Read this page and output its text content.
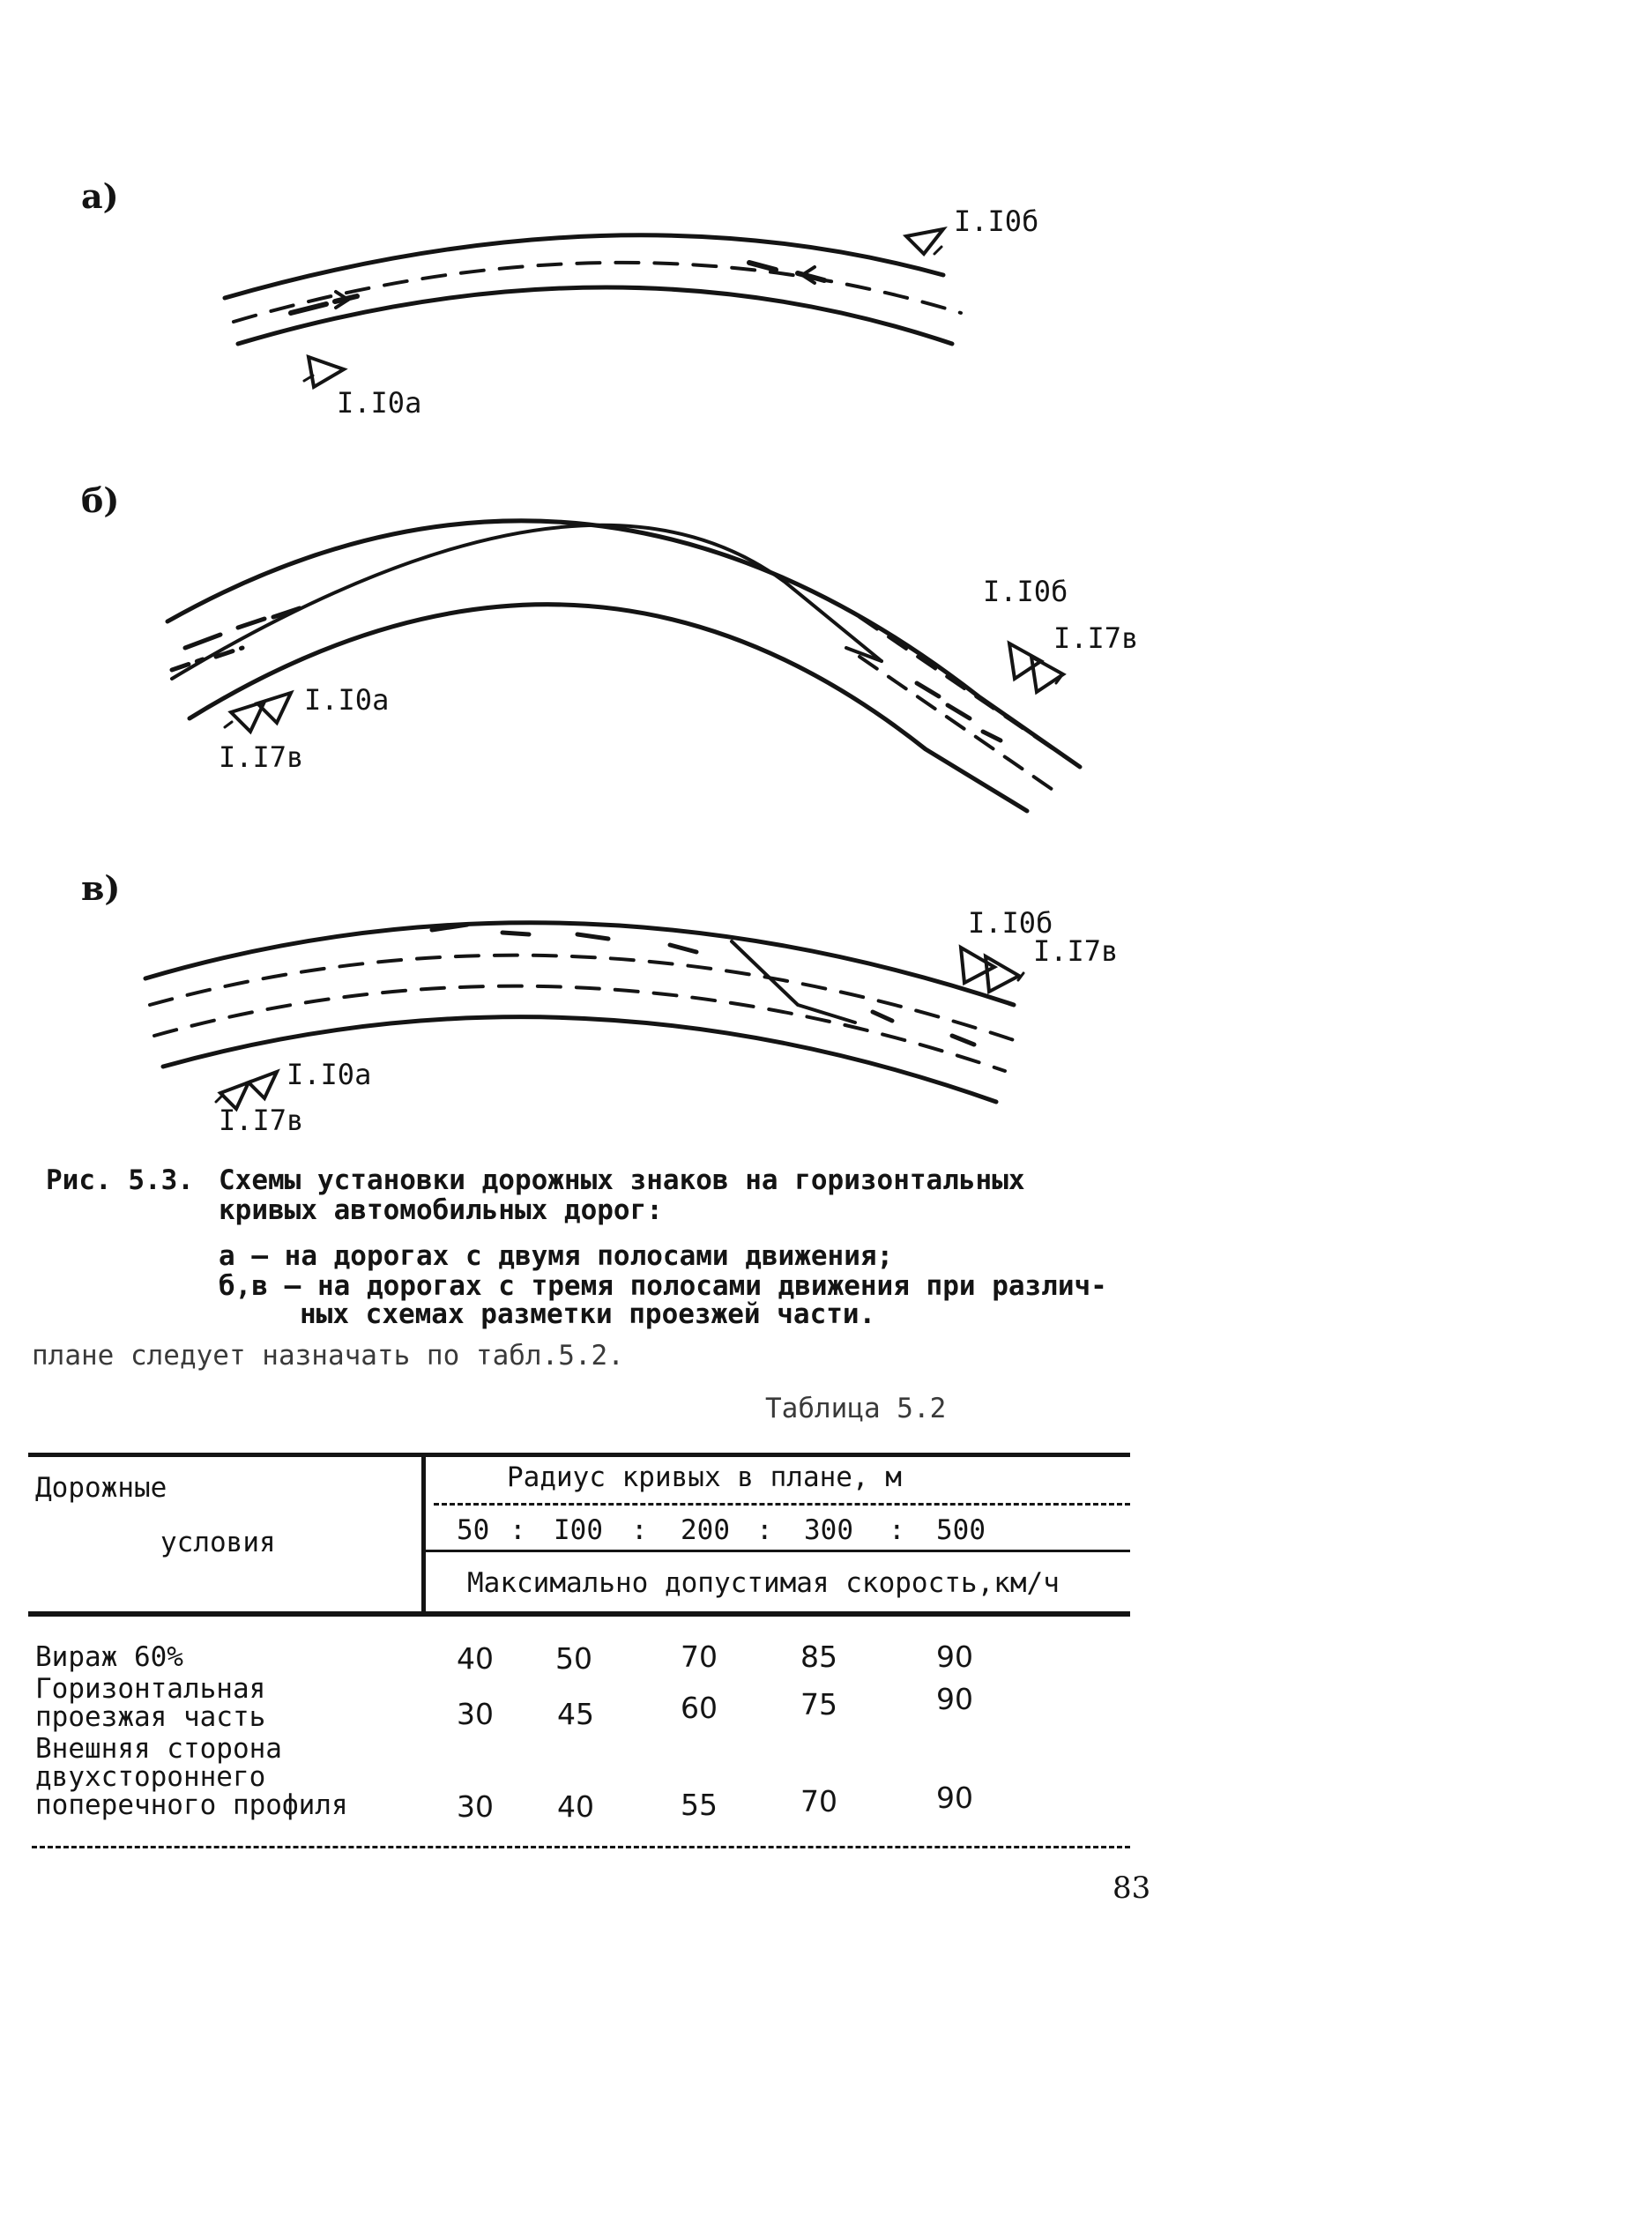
а)
б)
в)
I.I0б
I.I0а
I.I0б
I.I7в
I.I0а
I.I7в
I.I0б
I.I7в
I.I0а
I.I7в
Рис. 5.3. Схемы установки дорожных знаков на горизонтальных
кривых автомобильных дорог:
а – на дорогах с двумя полосами движения;
б,в – на дорогах с тремя полосами движения при различ-
ных схемах разметки проезжей части.
плане следует назначать по табл.5.2.
Таблица 5.2
Дорожные
условия
Радиус кривых в плане, м
50 : I00 : 200 : 300 : 500
Максимально допустимая скорость,км/ч
Вираж 60%	40 50	70	85	90
Горизонтальная
проезжая часть	30 45	60	75	90
Внешняя сторона
двухстороннего
поперечного профиля	30 40	55	70	90
83
